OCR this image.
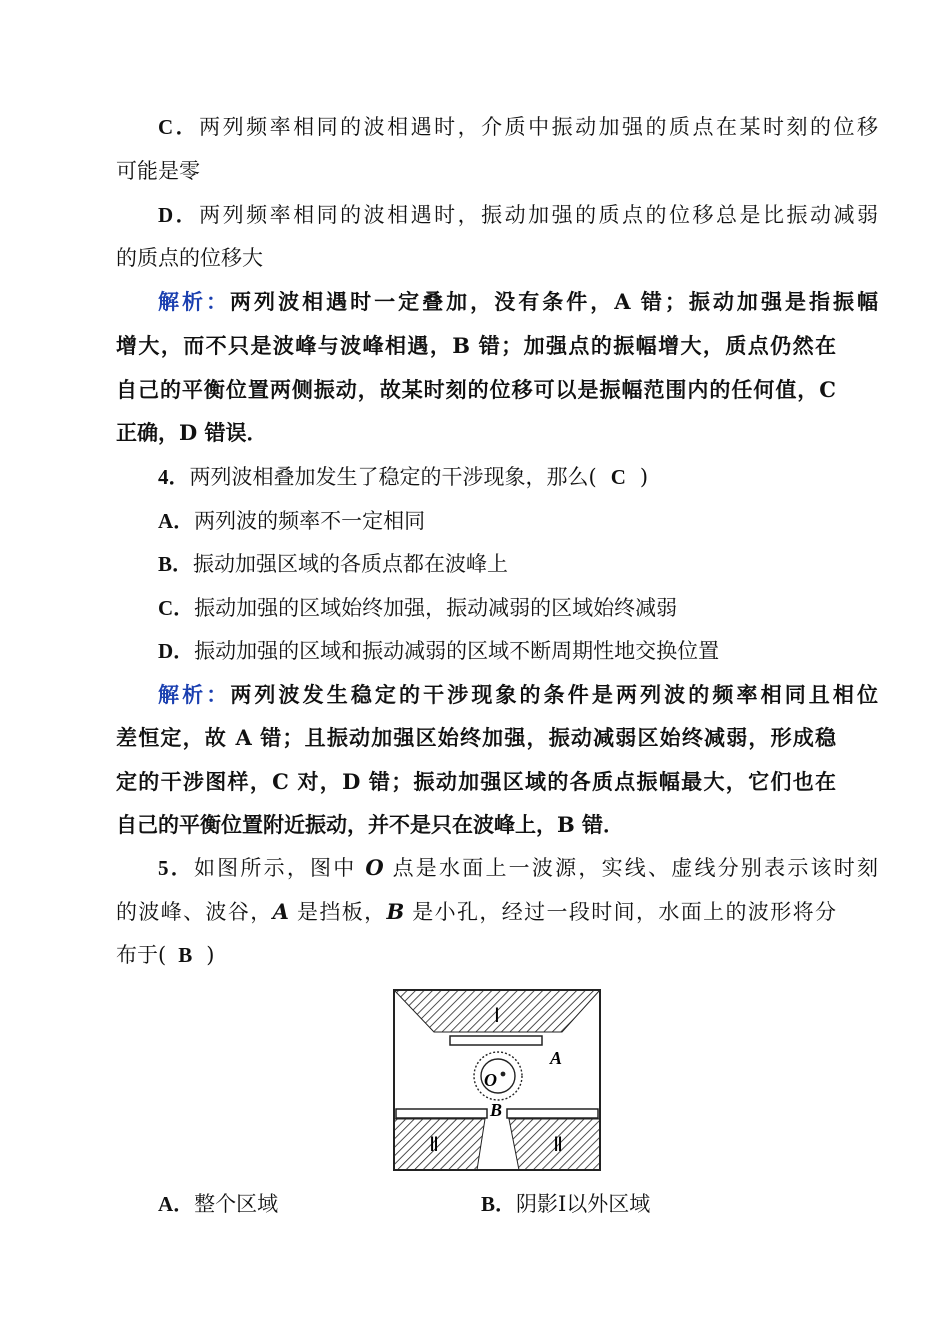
C．两列频率相同的波相遇时，介质中振动加强的质点在某时刻的位移
可能是零
D．两列频率相同的波相遇时，振动加强的质点的位移总是比振动减弱
的质点的位移大
解析：两列波相遇时一定叠加，没有条件，A 错；振动加强是指振幅
增大，而不只是波峰与波峰相遇，B 错；加强点的振幅增大，质点仍然在
自己的平衡位置两侧振动，故某时刻的位移可以是振幅范围内的任何值，C
正确，D 错误．
4．两列波相叠加发生了稳定的干涉现象，那么( C )
A．两列波的频率不一定相同
B．振动加强区域的各质点都在波峰上
C．振动加强的区域始终加强，振动减弱的区域始终减弱
D．振动加强的区域和振动减弱的区域不断周期性地交换位置
解析：两列波发生稳定的干涉现象的条件是两列波的频率相同且相位
差恒定，故 A 错；且振动加强区始终加强，振动减弱区始终减弱，形成稳
定的干涉图样，C 对，D 错；振动加强区域的各质点振幅最大，它们也在
自己的平衡位置附近振动，并不是只在波峰上，B 错．
5．如图所示，图中 O 点是水面上一波源，实线、虚线分别表示该时刻
的波峰、波谷，A 是挡板，B 是小孔，经过一段时间，水面上的波形将分
布于( B )
Ⅰ
Ⅱ	Ⅱ
A
O
B
A．整个区域	B．阴影Ⅰ以外区域
